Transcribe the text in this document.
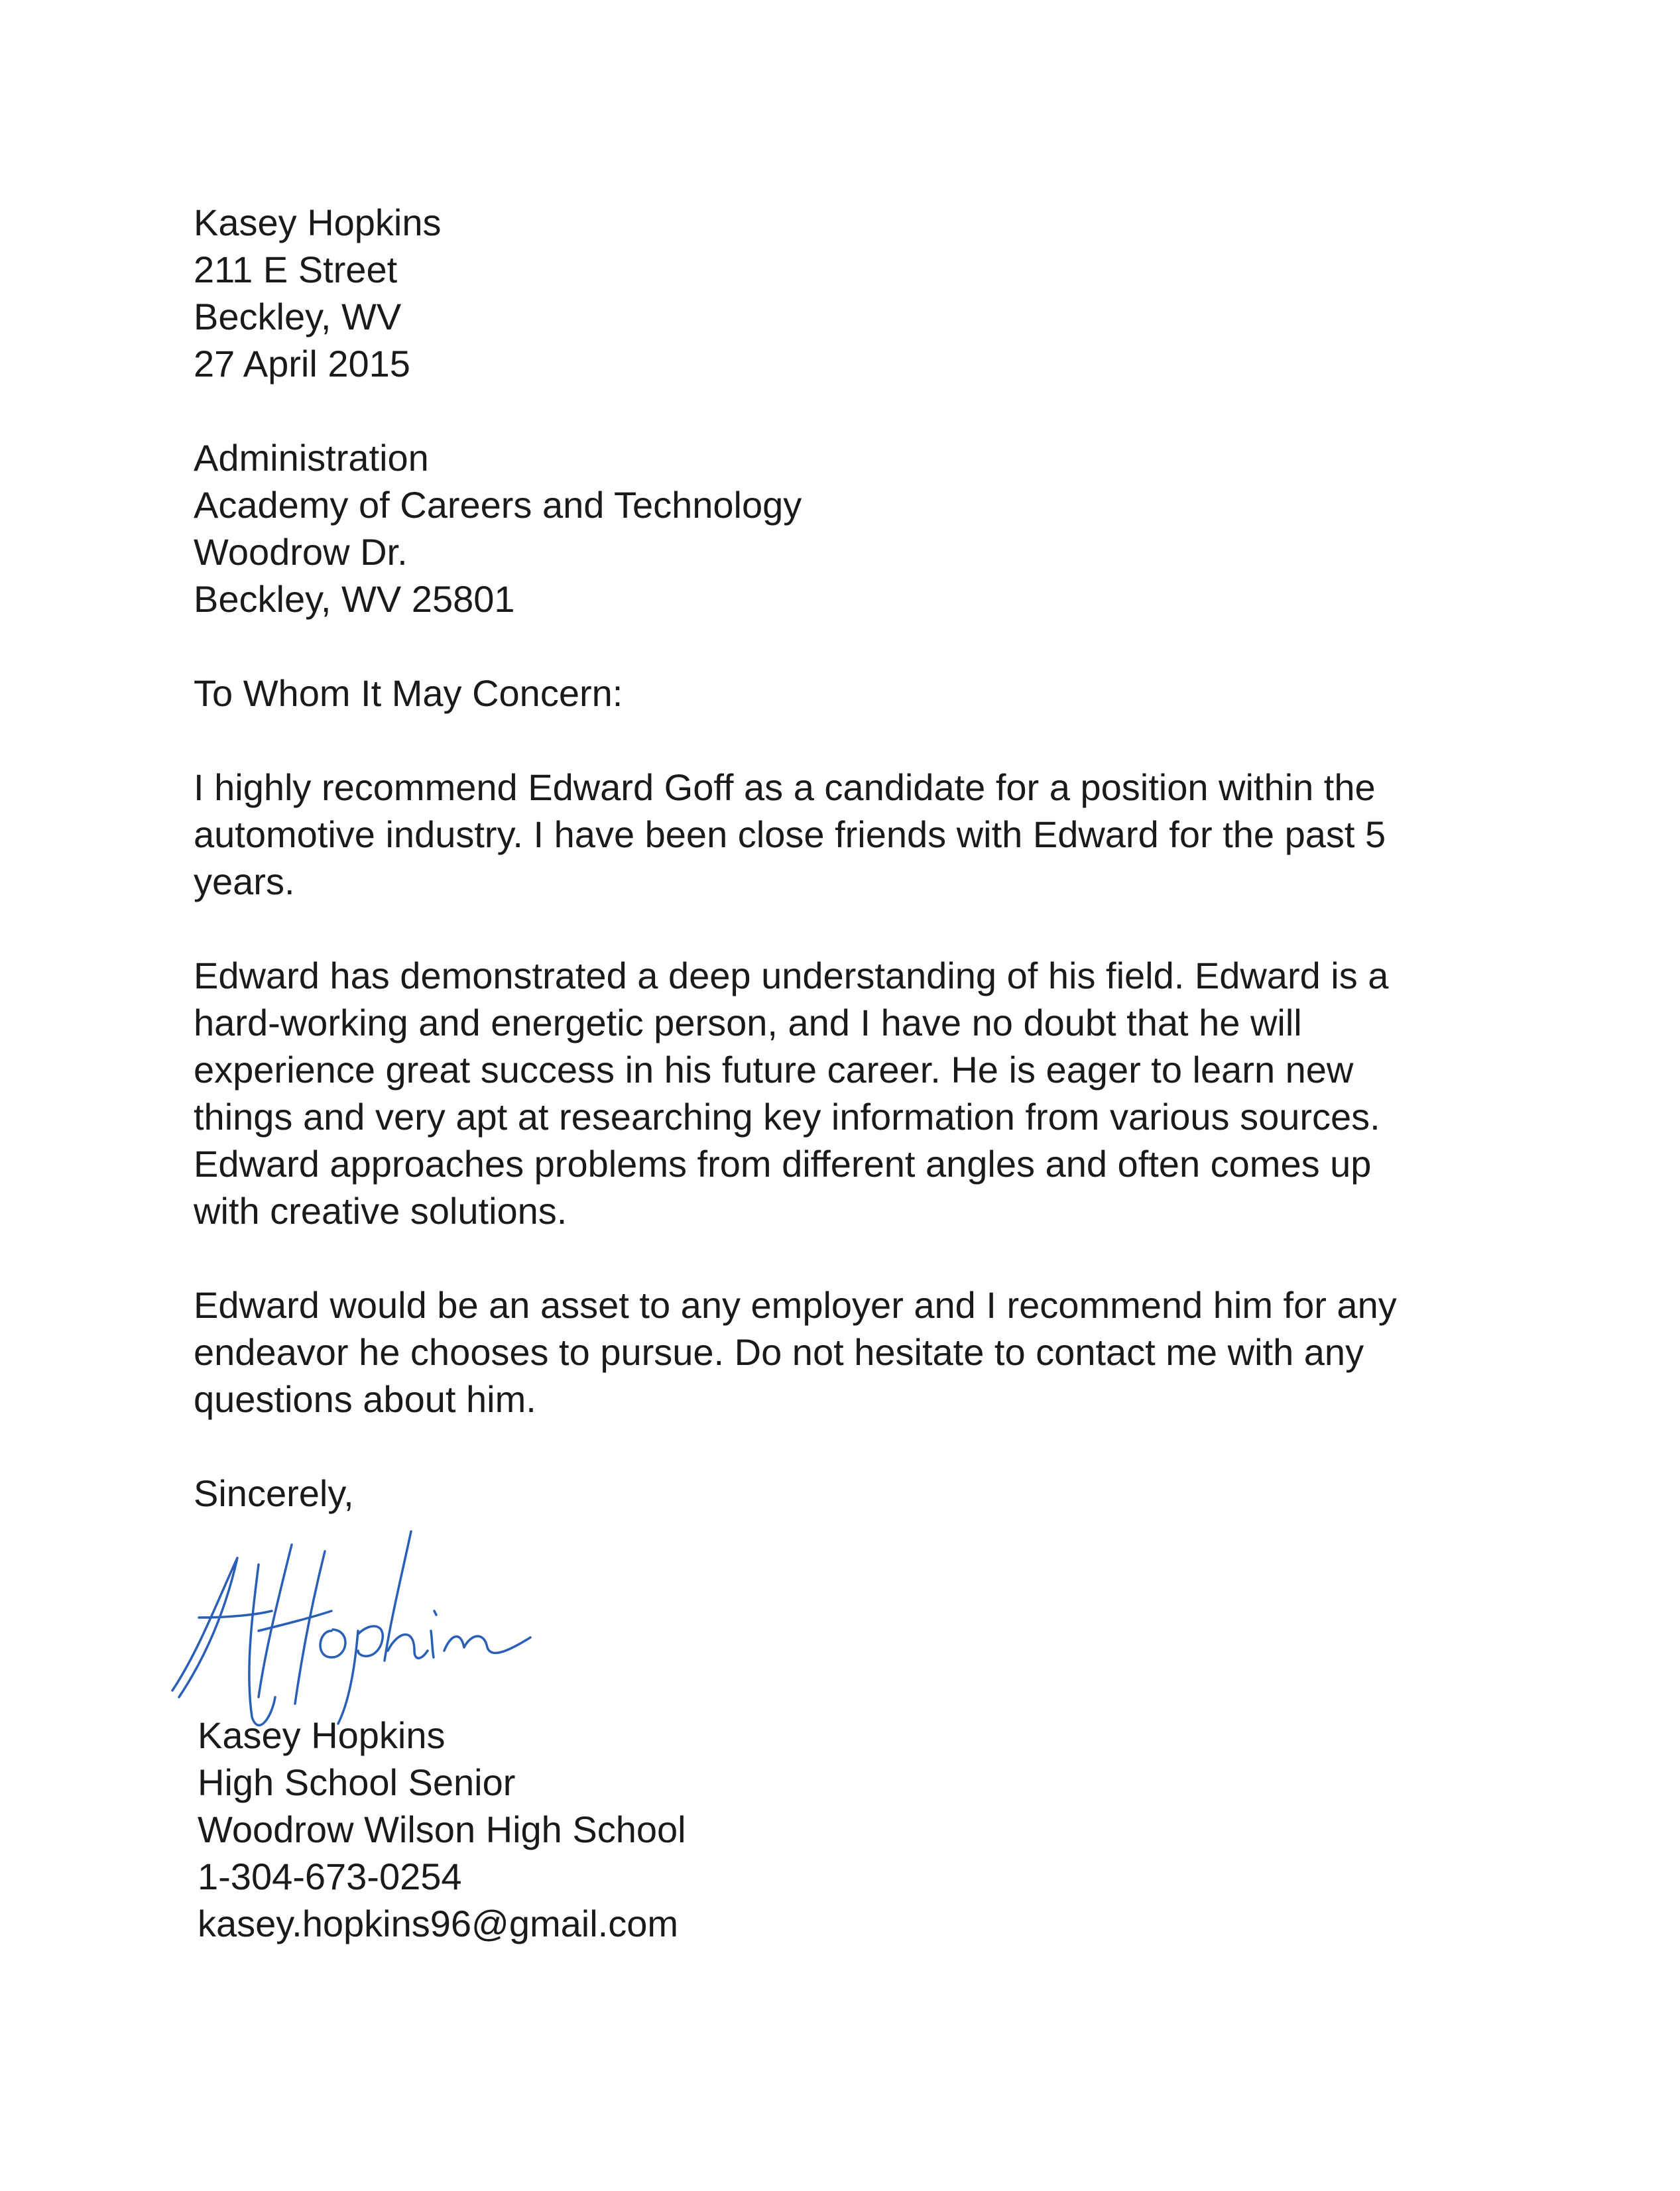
Kasey Hopkins
211 E Street
Beckley, WV
27 April 2015
Administration
Academy of Careers and Technology
Woodrow Dr.
Beckley, WV 25801
To Whom It May Concern:

I highly recommend Edward Goff as a candidate for a position within the

automotive industry. I have been close friends with Edward for the past 5

years.

Edward has demonstrated a deep understanding of his field. Edward is a

hard-working and energetic person, and I have no doubt that he will

experience great success in his future career. He is eager to learn new

things and very apt at researching key information from various sources.

Edward approaches problems from different angles and often comes up

with creative solutions.

Edward would be an asset to any employer and I recommend him for any

endeavor he chooses to pursue. Do not hesitate to contact me with any

questions about him.

Sincerely,
Kasey Hopkins
High School Senior
Woodrow Wilson High School
1-304-673-0254
kasey.hopkins96@gmail.com
